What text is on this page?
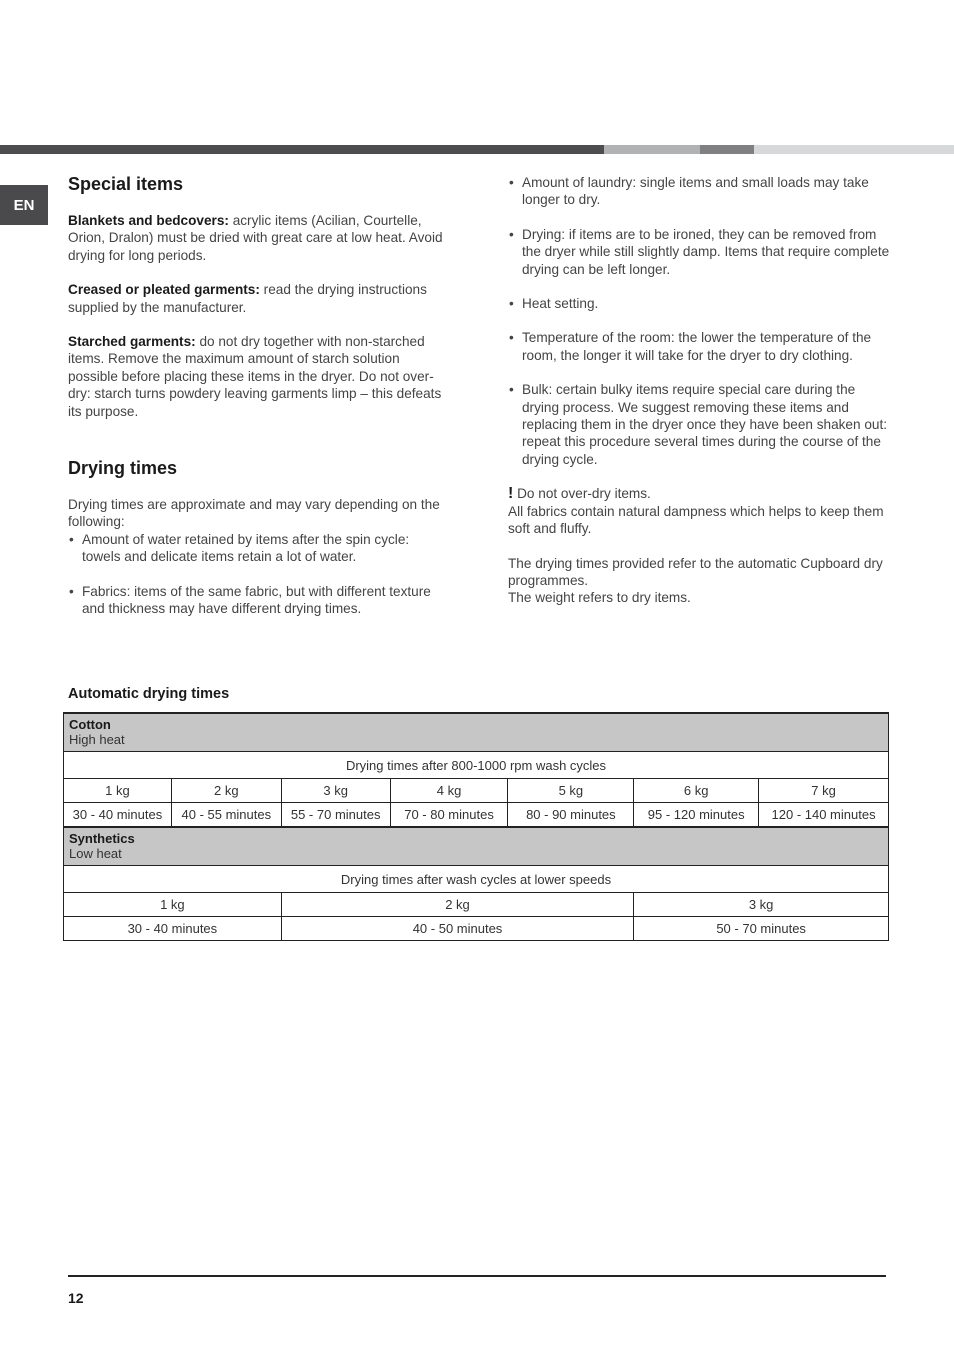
EN
Special items

Blankets and bedcovers: acrylic items (Acilian, Courtelle, Orion, Dralon) must be dried with great care at low heat. Avoid drying for long periods.

Creased or pleated garments: read the drying instructions supplied by the manufacturer.

Starched garments: do not dry together with non-starched items. Remove the maximum amount of starch solution possible before placing these items in the dryer. Do not over-dry: starch turns powdery leaving garments limp – this defeats its purpose.

Drying times

Drying times are approximate and may vary depending on the following:

• Amount of water retained by items after the spin cycle: towels and delicate items retain a lot of water.
• Fabrics: items of the same fabric, but with different texture and thickness may have different drying times.
• Amount of laundry: single items and small loads may take longer to dry.
• Drying: if items are to be ironed, they can be removed from the dryer while still slightly damp. Items that require complete drying can be left longer.
• Heat setting.
• Temperature of the room: the lower the temperature of the room, the longer it will take for the dryer to dry clothing.
• Bulk: certain bulky items require special care during the drying process. We suggest removing these items and replacing them in the dryer once they have been shaken out: repeat this procedure several times during the course of the drying cycle.

! Do not over-dry items.

All fabrics contain natural dampness which helps to keep them soft and fluffy.

The drying times provided refer to the automatic Cupboard dry programmes.

The weight refers to dry items.

Automatic drying times
Cotton
High heat						

Drying times after 800-1000 rpm wash cycles						
1 kg	2 kg	3 kg	4 kg	5 kg	6 kg	7 kg
30 - 40 minutes	40 - 55 minutes	55 - 70 minutes	70 - 80 minutes	80 - 90 minutes	95 - 120 minutes	120 - 140 minutes

Synthetics
Low heat						

Drying times after wash cycles at lower speeds						
1 kg		2 kg			3 kg	
30 - 40 minutes		40 - 50 minutes			50 - 70 minutes	
12
